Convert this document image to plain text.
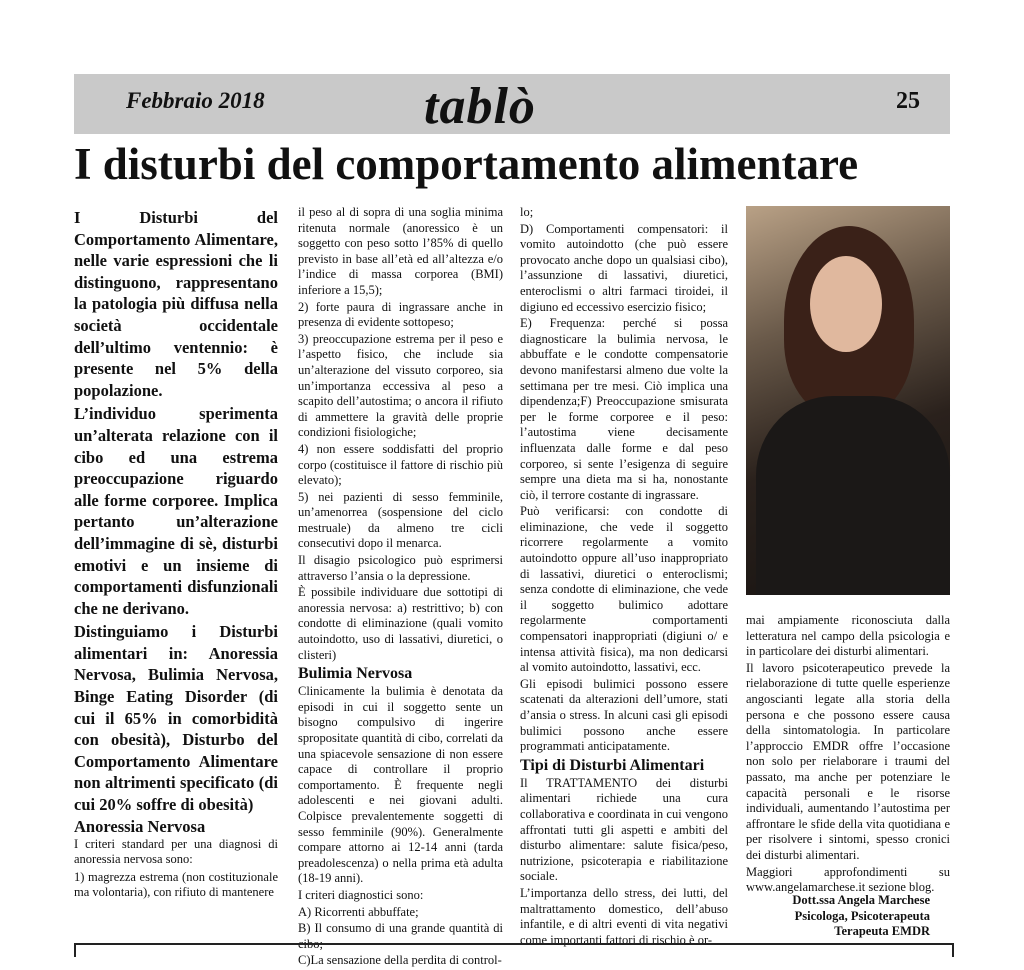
Febbraio 2018	tablò	25
I disturbi del comportamento alimentare

I Disturbi del Comportamento Alimentare, nelle varie espressioni che li distinguono, rappresentano la patologia più diffusa nella società occidentale dell’ultimo ventennio: è presente nel 5% della popolazione.

L’individuo sperimenta un’alterata relazione con il cibo ed una estrema preoccupazione riguardo alle forme corporee. Implica pertanto un’alterazione dell’immagine di sè, disturbi emotivi e un insieme di comportamenti disfunzionali che ne derivano.

Distinguiamo i Disturbi alimentari in: Anoressia Nervosa, Bulimia Nervosa, Binge Eating Disorder (di cui il 65% in comorbidità con obesità), Disturbo del Comportamento Alimentare non altrimenti specificato (di cui 20% soffre di obesità)

Anoressia Nervosa

I criteri standard per una diagnosi di anoressia nervosa sono:

1) magrezza estrema (non costituzionale ma volontaria), con rifiuto di mantenere

il peso al di sopra di una soglia minima ritenuta normale (anoressico è un soggetto con peso sotto l’85% di quello previsto in base all’età ed all’altezza e/o l’indice di massa corporea (BMI) inferiore a 15,5);

2) forte paura di ingrassare anche in presenza di evidente sottopeso;

3) preoccupazione estrema per il peso e l’aspetto fisico, che include sia un’alterazione del vissuto corporeo, sia un’importanza eccessiva al peso a scapito dell’autostima; o ancora il rifiuto di ammettere la gravità delle proprie condizioni fisiologiche;

4) non essere soddisfatti del proprio corpo (costituisce il fattore di rischio più elevato);

5) nei pazienti di sesso femminile, un’amenorrea (sospensione del ciclo mestruale) da almeno tre cicli consecutivi dopo il menarca.

Il disagio psicologico può esprimersi attraverso l’ansia o la depressione.

È possibile individuare due sottotipi di anoressia nervosa: a) restrittivo; b) con condotte di eliminazione (quali vomito autoindotto, uso di lassativi, diuretici, o clisteri)

Bulimia Nervosa

Clinicamente la bulimia è denotata da episodi in cui il soggetto sente un bisogno compulsivo di ingerire spropositate quantità di cibo, correlati da una spiacevole sensazione di non essere capace di controllare il proprio comportamento. È frequente negli adolescenti e nei giovani adulti. Colpisce prevalentemente soggetti di sesso femminile (90%). Generalmente compare attorno ai 12-14 anni (tarda preadolescenza) o nella prima età adulta (18-19 anni).

I criteri diagnostici sono:

A) Ricorrenti abbuffate;

B) Il consumo di una grande quantità di cibo;

C)La sensazione della perdita di control-

lo;

D) Comportamenti compensatori: il vomito autoindotto (che può essere provocato anche dopo un qualsiasi cibo), l’assunzione di lassativi, diuretici, enteroclismi o altri farmaci tiroidei, il digiuno ed eccessivo esercizio fisico;

E) Frequenza: perché si possa diagnosticare la bulimia nervosa, le abbuffate e le condotte compensatorie devono manifestarsi almeno due volte la settimana per tre mesi. Ciò implica una dipendenza;F) Preoccupazione smisurata per le forme corporee e il peso: l’autostima viene decisamente influenzata dalle forme e dal peso corporeo, si sente l’esigenza di seguire sempre una dieta ma si ha, nonostante ciò, il terrore costante di ingrassare.

Può verificarsi: con condotte di eliminazione, che vede il soggetto ricorrere regolarmente a vomito autoindotto oppure all’uso inappropriato di lassativi, diuretici o enteroclismi; senza condotte di eliminazione, che vede il soggetto bulimico adottare regolarmente comportamenti compensatori inappropriati (digiuni o/ e intensa attività fisica), ma non dedicarsi al vomito autoindotto, lassativi, ecc.

Gli episodi bulimici possono essere scatenati da alterazioni dell’umore, stati d’ansia o stress. In alcuni casi gli episodi bulimici possono anche essere programmati anticipatamente.

Tipi di Disturbi Alimentari

Il TRATTAMENTO dei disturbi alimentari richiede una cura collaborativa e coordinata in cui vengono affrontati tutti gli aspetti e ambiti del disturbo alimentare: salute fisica/peso, nutrizione, psicoterapia e riabilitazione sociale.

L’importanza dello stress, dei lutti, del maltrattamento domestico, dell’abuso infantile, e di altri eventi di vita negativi come importanti fattori di rischio è or-

mai ampiamente riconosciuta dalla letteratura nel campo della psicologia e in particolare dei disturbi alimentari.

Il lavoro psicoterapeutico prevede la rielaborazione di tutte quelle esperienze angoscianti legate alla storia della persona e che possono essere causa della sintomatologia. In particolare l’approccio EMDR offre l’occasione non solo per rielaborare i traumi del passato, ma anche per potenziare le capacità personali e le risorse individuali, aumentando l’autostima per affrontare le sfide della vita quotidiana e per risolvere i sintomi, spesso cronici dei disturbi alimentari.

Maggiori approfondimenti su www.angelamarchese.it sezione blog.

Dott.ssa Angela Marchese
Psicologa, Psicoterapeuta
Terapeuta EMDR
